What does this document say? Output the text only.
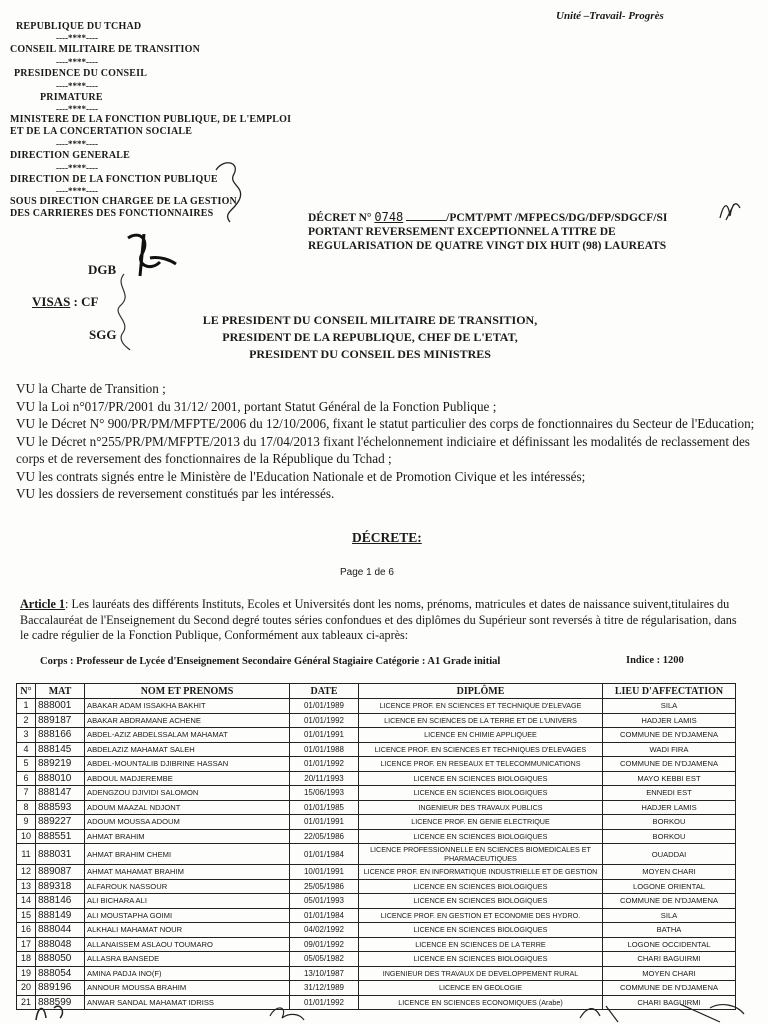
Unité –Travail- Progrès
REPUBLIQUE DU TCHAD
----****----
CONSEIL MILITAIRE DE TRANSITION
----****----
PRESIDENCE DU CONSEIL
----****----
PRIMATURE
----****----
MINISTERE DE LA FONCTION PUBLIQUE, DE L'EMPLOI
ET DE LA CONCERTATION SOCIALE
----****----
DIRECTION GENERALE
----****----
DIRECTION DE LA FONCTION PUBLIQUE
----****----
SOUS DIRECTION CHARGEE DE LA GESTION
DES CARRIERES DES FONCTIONNAIRES	DÉCRET N° 0748	/PCMT/PMT /MFPECS/DG/DFP/SDGCF/SI
PORTANT REVERSEMENT EXCEPTIONNEL A TITRE DE
REGULARISATION DE QUATRE VINGT DIX HUIT (98) LAUREATS
DGB
VISAS : CF
SGG
LE PRESIDENT DU CONSEIL MILITAIRE DE TRANSITION,
PRESIDENT DE LA REPUBLIQUE, CHEF DE L'ETAT,
PRESIDENT DU CONSEIL DES MINISTRES

VU la Charte de Transition ;

VU la Loi n°017/PR/2001 du 31/12/ 2001, portant Statut Général de la Fonction Publique ;

VU le Décret N° 900/PR/PM/MFPTE/2006 du 12/10/2006, fixant le statut particulier des corps de fonctionnaires du Secteur de l'Education;

VU le Décret n°255/PR/PM/MFPTE/2013 du 17/04/2013 fixant l'échelonnement indiciaire et définissant les modalités de reclassement des corps et de reversement des fonctionnaires de la République du Tchad ;

VU les contrats signés entre le Ministère de l'Education Nationale et de Promotion Civique et les intéressés;

VU les dossiers de reversement constitués par les intéressés.

DÉCRETE:
Page 1 de 6
Article 1: Les lauréats des différents Instituts, Ecoles et Universités dont les noms, prénoms, matricules et dates de naissance suivent,titulaires du Baccalauréat de l'Enseignement du Second degré toutes séries confondues et des diplômes du Supérieur sont reversés à titre de régularisation, dans le cadre régulier de la Fonction Publique, Conformément aux tableaux ci-après:
Corps : Professeur de Lycée d'Enseignement Secondaire Général Stagiaire Catégorie : A1 Grade initial	Indice : 1200
N°	MAT	NOM ET PRENOMS	DATE	DIPLÔME	LIEU D'AFFECTATION
1	888001	ABAKAR ADAM ISSAKHA BAKHIT	01/01/1989	LICENCE PROF. EN SCIENCES ET TECHNIQUE D'ELEVAGE	SILA
2	889187	ABAKAR ABDRAMANE ACHENE	01/01/1992	LICENCE EN SCIENCES DE LA TERRE ET DE L'UNIVERS	HADJER LAMIS
3	888166	ABDEL-AZIZ ABDELSSALAM MAHAMAT	01/01/1991	LICENCE EN CHIMIE APPLIQUEE	COMMUNE DE N'DJAMENA
4	888145	ABDELAZIZ MAHAMAT SALEH	01/01/1988	LICENCE PROF. EN SCIENCES ET TECHNIQUES D'ELEVAGES	WADI FIRA
5	889219	ABDEL-MOUNTALIB DJIBRINE HASSAN	01/01/1992	LICENCE PROF. EN RESEAUX ET TELECOMMUNICATIONS	COMMUNE DE N'DJAMENA
6	888010	ABDOUL MADJEREMBE	20/11/1993	LICENCE EN SCIENCES BIOLOGIQUES	MAYO KEBBI EST
7	888147	ADENGZOU DJIVIDI SALOMON	15/06/1993	LICENCE EN SCIENCES BIOLOGIQUES	ENNEDI EST
8	888593	ADOUM MAAZAL NDJONT	01/01/1985	INGENIEUR DES TRAVAUX PUBLICS	HADJER LAMIS
9	889227	ADOUM MOUSSA ADOUM	01/01/1991	LICENCE PROF. EN GENIE ELECTRIQUE	BORKOU
10	888551	AHMAT BRAHIM	22/05/1986	LICENCE EN SCIENCES BIOLOGIQUES	BORKOU
11	888031	AHMAT BRAHIM CHEMI	01/01/1984	LICENCE PROFESSIONNELLE EN SCIENCES BIOMEDICALES ET PHARMACEUTIQUES	OUADDAI
12	889087	AHMAT MAHAMAT BRAHIM	10/01/1991	LICENCE PROF. EN INFORMATIQUE INDUSTRIELLE ET DE GESTION	MOYEN CHARI
13	889318	ALFAROUK NASSOUR	25/05/1986	LICENCE EN SCIENCES BIOLOGIQUES	LOGONE ORIENTAL
14	888146	ALI BICHARA ALI	05/01/1993	LICENCE EN SCIENCES BIOLOGIQUES	COMMUNE DE N'DJAMENA
15	888149	ALI MOUSTAPHA GOIMI	01/01/1984	LICENCE PROF. EN GESTION ET ECONOMIE DES HYDRO.	SILA
16	888044	ALKHALI MAHAMAT NOUR	04/02/1992	LICENCE EN SCIENCES BIOLOGIQUES	BATHA
17	888048	ALLANAISSEM ASLAOU TOUMARO	09/01/1992	LICENCE EN SCIENCES DE LA TERRE	LOGONE OCCIDENTAL
18	888050	ALLASRA BANSEDE	05/05/1982	LICENCE EN SCIENCES BIOLOGIQUES	CHARI BAGUIRMI
19	888054	AMINA PADJA INO(F)	13/10/1987	INGENIEUR DES TRAVAUX DE DEVELOPPEMENT RURAL	MOYEN CHARI
20	889196	ANNOUR MOUSSA BRAHIM	31/12/1989	LICENCE EN GEOLOGIE	COMMUNE DE N'DJAMENA
21	888599	ANWAR SANDAL MAHAMAT IDRISS	01/01/1992	LICENCE EN SCIENCES ECONOMIQUES (Arabe)	CHARI BAGUIRMI
